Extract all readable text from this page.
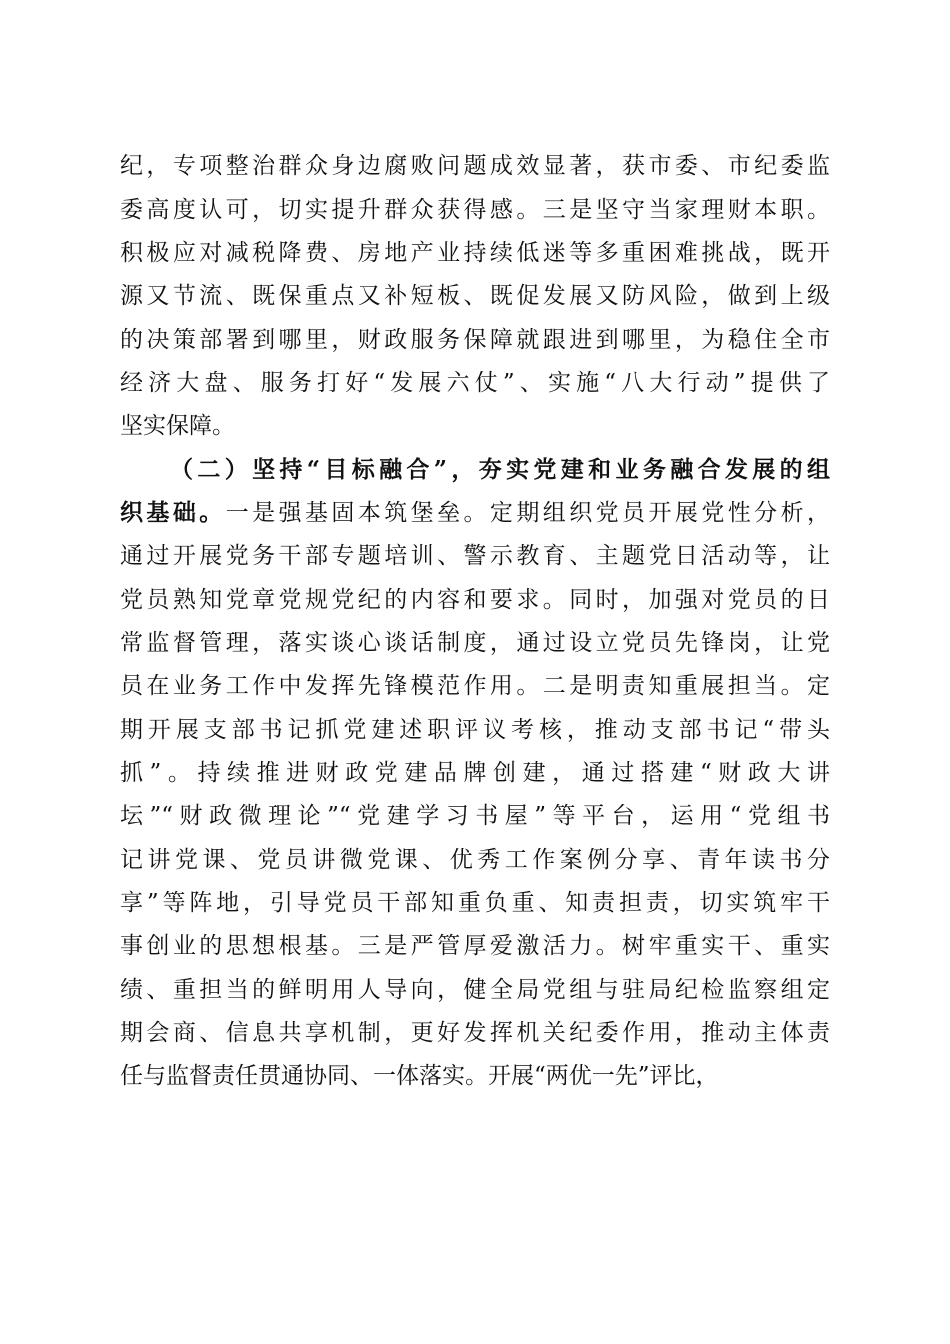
纪，专项整治群众身边腐败问题成效显著，获市委、市纪委监
委高度认可，切实提升群众获得感。三是坚守当家理财本职。
积极应对减税降费、房地产业持续低迷等多重困难挑战，既开
源又节流、既保重点又补短板、既促发展又防风险，做到上级
的决策部署到哪里，财政服务保障就跟进到哪里，为稳住全市
经济大盘、服务打好“发展六仗”、实施“八大行动”提供了
坚实保障。
（二）坚持“目标融合”，夯实党建和业务融合发展的组
织基础。一是强基固本筑堡垒。定期组织党员开展党性分析，
通过开展党务干部专题培训、警示教育、主题党日活动等，让
党员熟知党章党规党纪的内容和要求。同时，加强对党员的日
常监督管理，落实谈心谈话制度，通过设立党员先锋岗，让党
员在业务工作中发挥先锋模范作用。二是明责知重展担当。定
期开展支部书记抓党建述职评议考核，推动支部书记“带头
抓”。持续推进财政党建品牌创建，通过搭建“财政大讲
坛”“财政微理论”“党建学习书屋”等平台，运用“党组书
记讲党课、党员讲微党课、优秀工作案例分享、青年读书分
享”等阵地，引导党员干部知重负重、知责担责，切实筑牢干
事创业的思想根基。三是严管厚爱激活力。树牢重实干、重实
绩、重担当的鲜明用人导向，健全局党组与驻局纪检监察组定
期会商、信息共享机制，更好发挥机关纪委作用，推动主体责
任与监督责任贯通协同、一体落实。开展“两优一先”评比，
